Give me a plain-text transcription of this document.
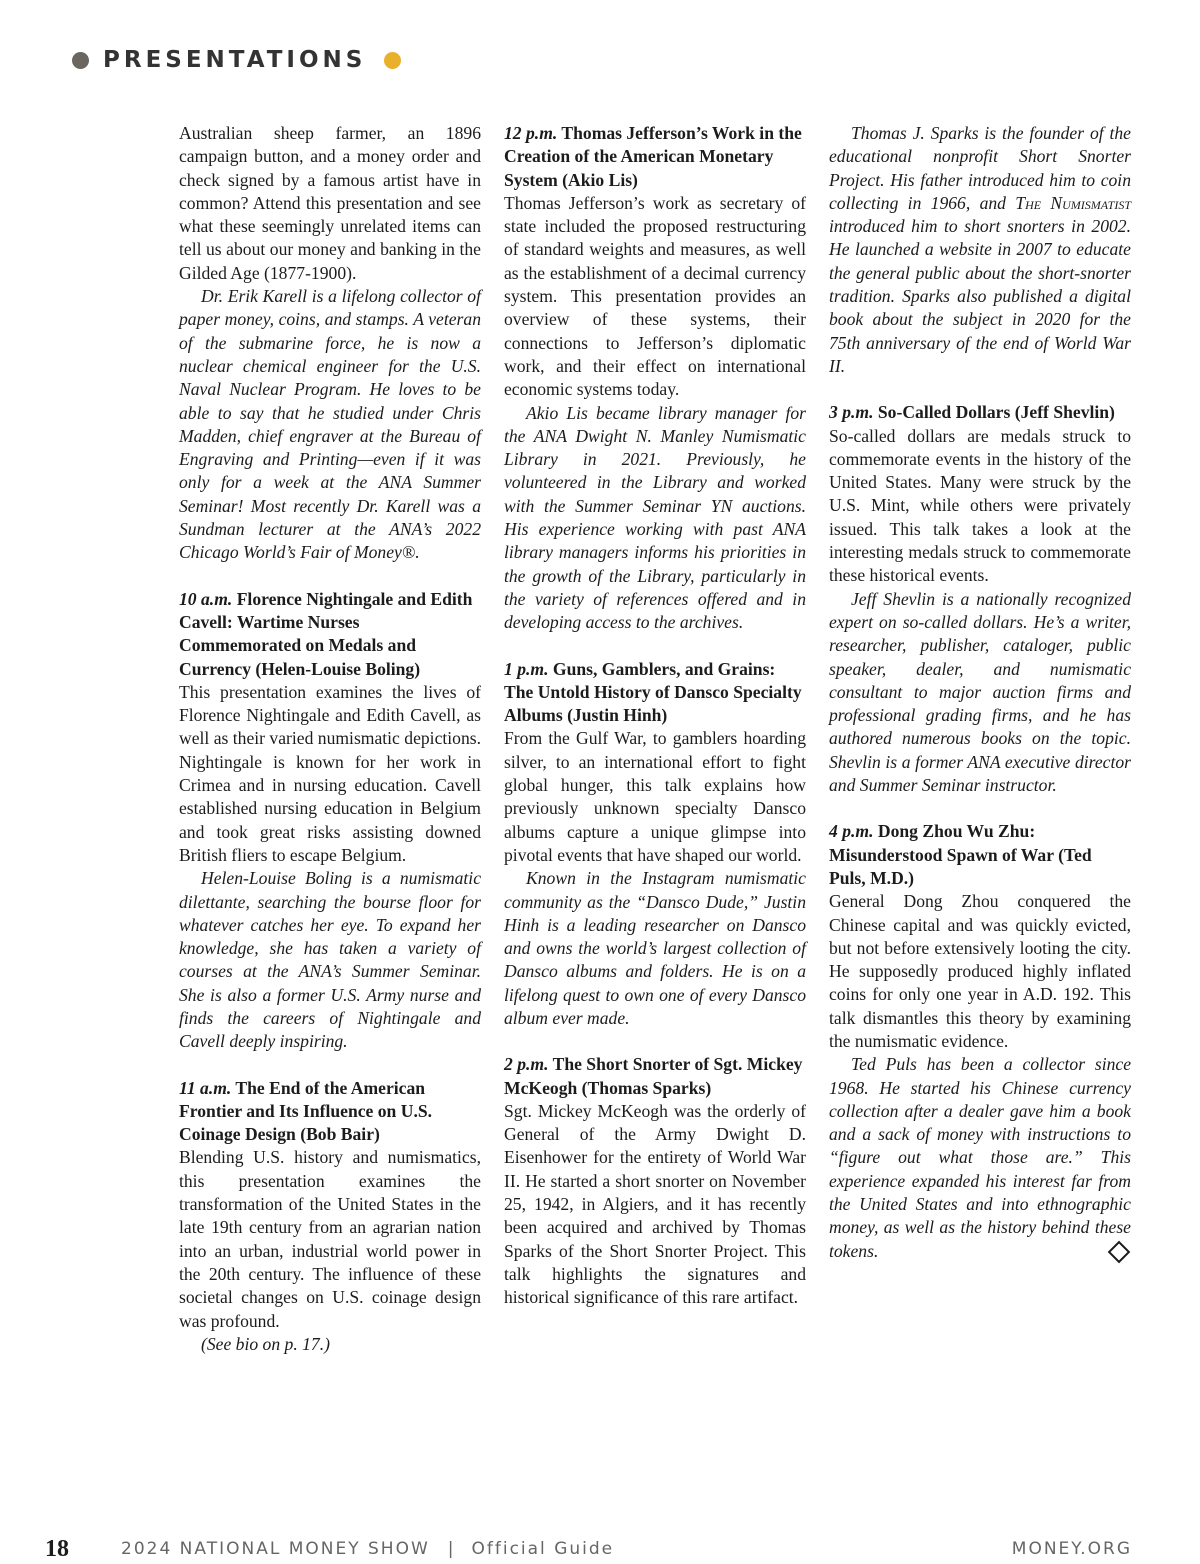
PRESENTATIONS

Australian sheep farmer, an 1896 campaign button, and a money order and check signed by a famous artist have in common? Attend this presentation and see what these seemingly unrelated items can tell us about our money and banking in the Gilded Age (1877-1900).

Dr. Erik Karell is a lifelong collector of paper money, coins, and stamps. A veteran of the submarine force, he is now a nuclear chemical engineer for the U.S. Naval Nuclear Program. He loves to be able to say that he studied under Chris Madden, chief engraver at the Bureau of Engraving and Printing—even if it was only for a week at the ANA Summer Seminar! Most recently Dr. Karell was a Sundman lecturer at the ANA’s 2022 Chicago World’s Fair of Money®.

10 a.m. Florence Nightingale and Edith Cavell: Wartime Nurses Commemorated on Medals and Currency (Helen-Louise Boling)

This presentation examines the lives of Florence Nightingale and Edith Cavell, as well as their varied numismatic depictions. Nightingale is known for her work in Crimea and in nursing education. Cavell established nursing education in Belgium and took great risks assisting downed British fliers to escape Belgium.

Helen-Louise Boling is a numismatic dilettante, searching the bourse floor for whatever catches her eye. To expand her knowledge, she has taken a variety of courses at the ANA’s Summer Seminar. She is also a former U.S. Army nurse and finds the careers of Nightingale and Cavell deeply inspiring.

11 a.m. The End of the American Frontier and Its Influence on U.S. Coinage Design (Bob Bair)

Blending U.S. history and numismatics, this presentation examines the transformation of the United States in the late 19th century from an agrarian nation into an urban, industrial world power in the 20th century. The influence of these societal changes on U.S. coinage design was profound.

(See bio on p. 17.)

12 p.m. Thomas Jefferson’s Work in the Creation of the American Monetary System (Akio Lis)

Thomas Jefferson’s work as secretary of state included the proposed restructuring of standard weights and measures, as well as the establishment of a decimal currency system. This presentation provides an overview of these systems, their connections to Jefferson’s diplomatic work, and their effect on international economic systems today.

Akio Lis became library manager for the ANA Dwight N. Manley Numismatic Library in 2021. Previously, he volunteered in the Library and worked with the Summer Seminar YN auctions. His experience working with past ANA library managers informs his priorities in the growth of the Library, particularly in the variety of references offered and in developing access to the archives.

1 p.m. Guns, Gamblers, and Grains: The Untold History of Dansco Specialty Albums (Justin Hinh)

From the Gulf War, to gamblers hoarding silver, to an international effort to fight global hunger, this talk explains how previously unknown specialty Dansco albums capture a unique glimpse into pivotal events that have shaped our world.

Known in the Instagram numismatic community as the “Dansco Dude,” Justin Hinh is a leading researcher on Dansco and owns the world’s largest collection of Dansco albums and folders. He is on a lifelong quest to own one of every Dansco album ever made.

2 p.m. The Short Snorter of Sgt. Mickey McKeogh (Thomas Sparks)

Sgt. Mickey McKeogh was the orderly of General of the Army Dwight D. Eisenhower for the entirety of World War II. He started a short snorter on November 25, 1942, in Algiers, and it has recently been acquired and archived by Thomas Sparks of the Short Snorter Project. This talk highlights the signatures and historical significance of this rare artifact.

Thomas J. Sparks is the founder of the educational nonprofit Short Snorter Project. His father introduced him to coin collecting in 1966, and The Numismatist introduced him to short snorters in 2002. He launched a website in 2007 to educate the general public about the short-snorter tradition. Sparks also published a digital book about the subject in 2020 for the 75th anniversary of the end of World War II.

3 p.m. So-Called Dollars (Jeff Shevlin)

So-called dollars are medals struck to commemorate events in the history of the United States. Many were struck by the U.S. Mint, while others were privately issued. This talk takes a look at the interesting medals struck to commemorate these historical events.

Jeff Shevlin is a nationally recognized expert on so-called dollars. He’s a writer, researcher, publisher, cataloger, public speaker, dealer, and numismatic consultant to major auction firms and professional grading firms, and he has authored numerous books on the topic. Shevlin is a former ANA executive director and Summer Seminar instructor.

4 p.m. Dong Zhou Wu Zhu: Misunderstood Spawn of War (Ted Puls, M.D.)

General Dong Zhou conquered the Chinese capital and was quickly evicted, but not before extensively looting the city. He supposedly produced highly inflated coins for only one year in A.D. 192. This talk dismantles this theory by examining the numismatic evidence.

Ted Puls has been a collector since 1968. He started his Chinese currency collection after a dealer gave him a book and a sack of money with instructions to “figure out what those are.” This experience expanded his interest far from the United States and into ethnographic money, as well as the history behind these tokens.

18	2024 NATIONAL MONEY SHOW | Official Guide	MONEY.ORG
